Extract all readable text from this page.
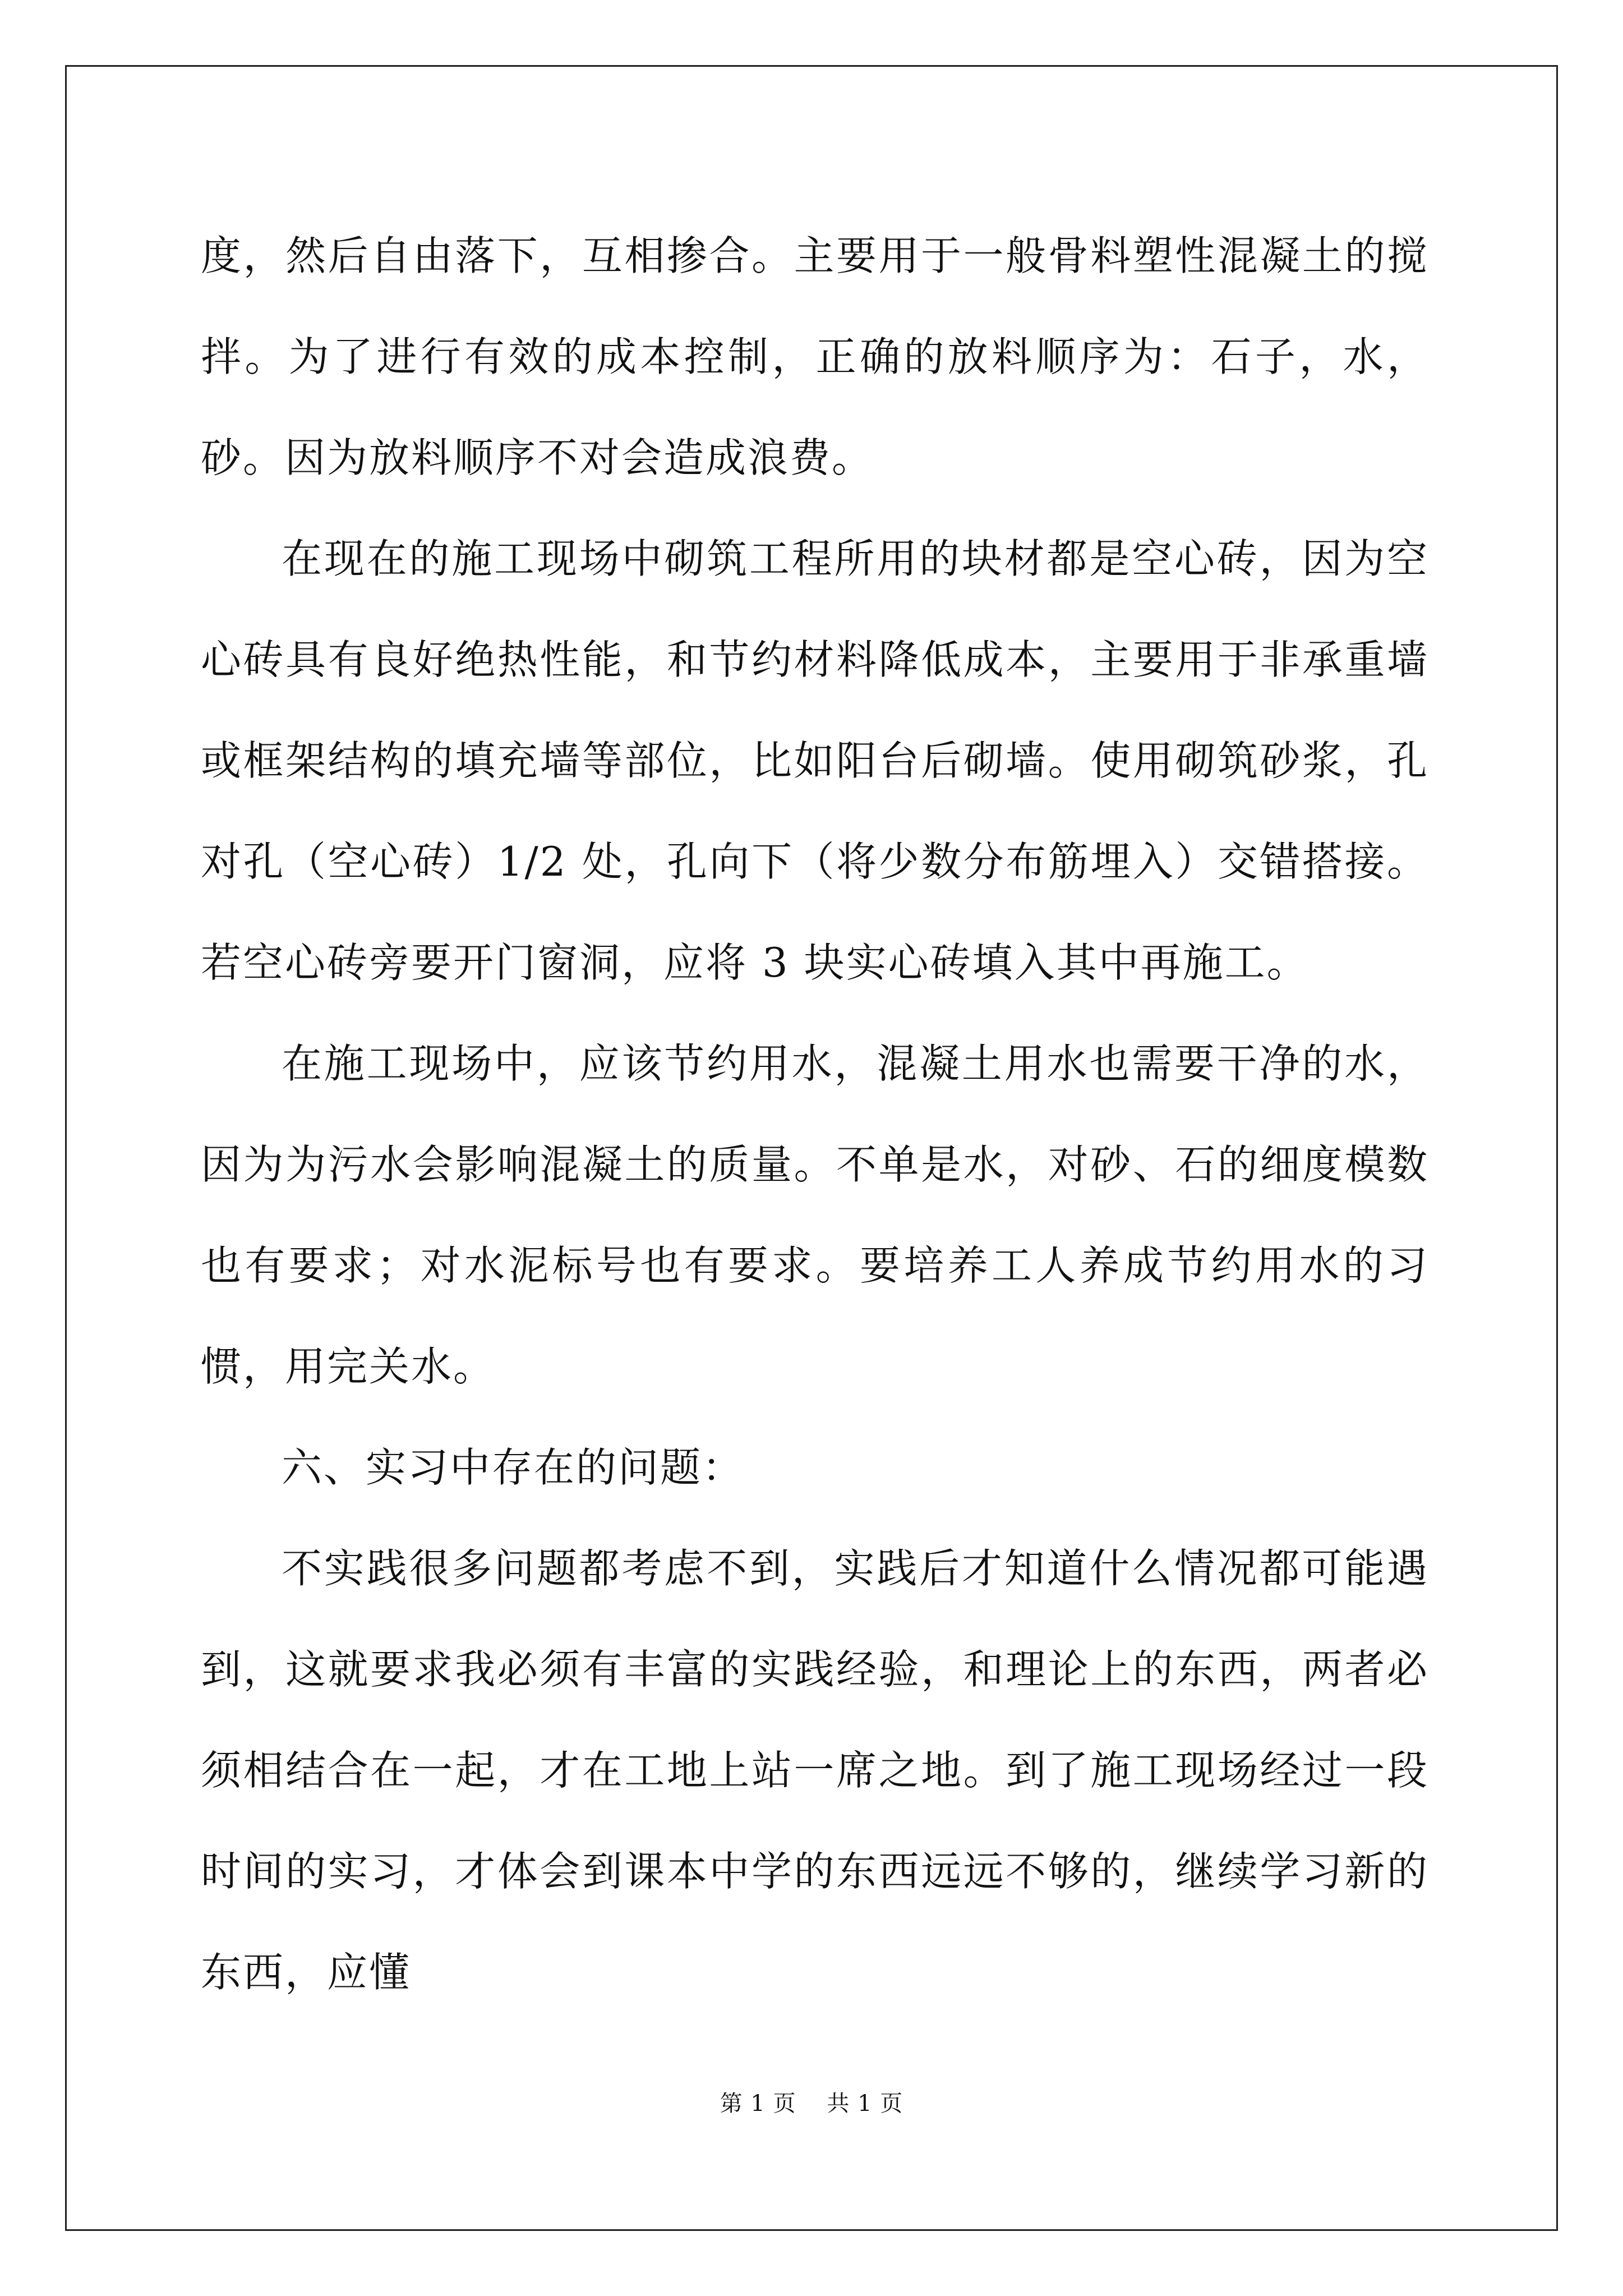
度，然后自由落下，互相掺合。主要用于一般骨料塑性混凝土的搅拌。为了进行有效的成本控制，正确的放料顺序为：石子，水，砂。因为放料顺序不对会造成浪费。

在现在的施工现场中砌筑工程所用的块材都是空心砖，因为空心砖具有良好绝热性能，和节约材料降低成本，主要用于非承重墙或框架结构的填充墙等部位，比如阳台后砌墙。使用砌筑砂浆，孔对孔（空心砖）1/2 处，孔向下（将少数分布筋埋入）交错搭接。若空心砖旁要开门窗洞，应将 3 块实心砖填入其中再施工。

在施工现场中，应该节约用水，混凝土用水也需要干净的水，因为为污水会影响混凝土的质量。不单是水，对砂、石的细度模数也有要求；对水泥标号也有要求。要培养工人养成节约用水的习惯，用完关水。

六、实习中存在的问题：

不实践很多问题都考虑不到，实践后才知道什么情况都可能遇到，这就要求我必须有丰富的实践经验，和理论上的东西，两者必须相结合在一起，才在工地上站一席之地。到了施工现场经过一段时间的实习，才体会到课本中学的东西远远不够的，继续学习新的东西，应懂

第 1 页    共 1 页
